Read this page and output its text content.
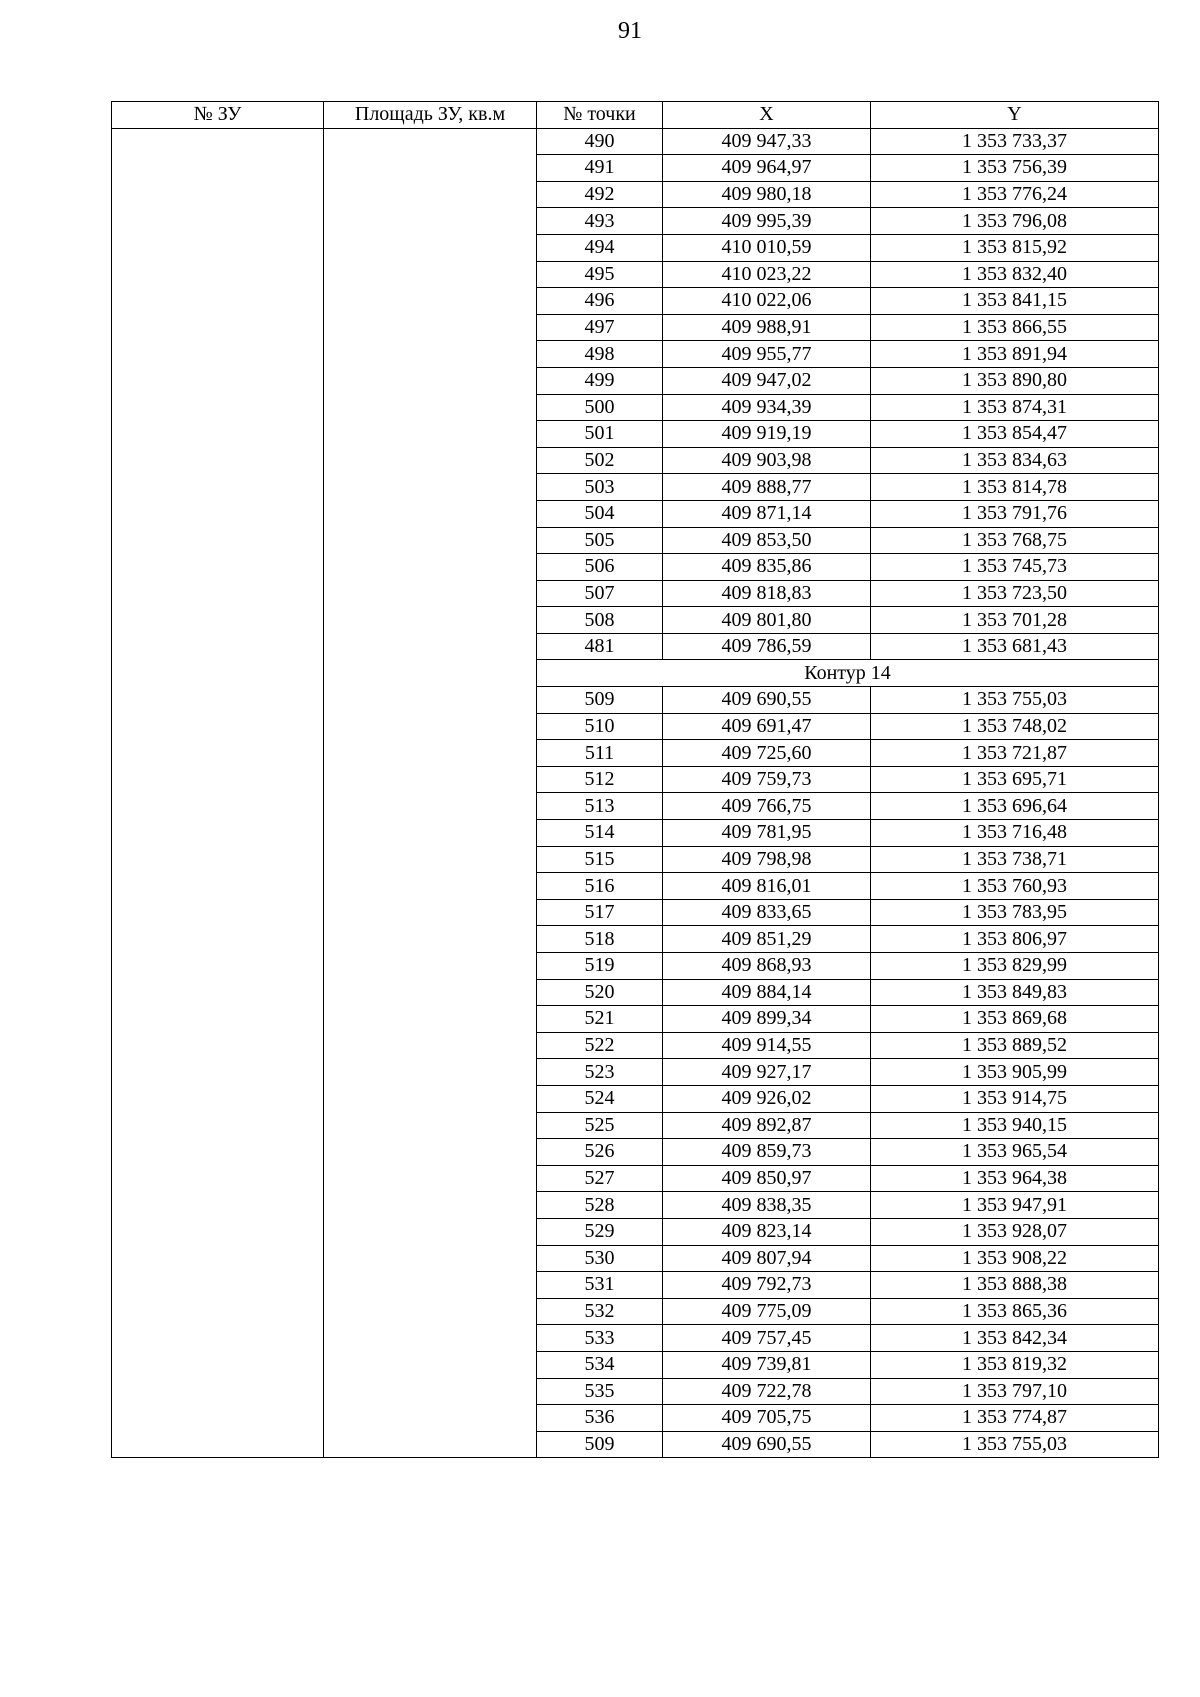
91
№ ЗУ	Площадь ЗУ, кв.м	№ точки	X	Y
		490	409 947,33	1 353 733,37
		491	409 964,97	1 353 756,39
		492	409 980,18	1 353 776,24
		493	409 995,39	1 353 796,08
		494	410 010,59	1 353 815,92
		495	410 023,22	1 353 832,40
		496	410 022,06	1 353 841,15
		497	409 988,91	1 353 866,55
		498	409 955,77	1 353 891,94
		499	409 947,02	1 353 890,80
		500	409 934,39	1 353 874,31
		501	409 919,19	1 353 854,47
		502	409 903,98	1 353 834,63
		503	409 888,77	1 353 814,78
		504	409 871,14	1 353 791,76
		505	409 853,50	1 353 768,75
		506	409 835,86	1 353 745,73
		507	409 818,83	1 353 723,50
		508	409 801,80	1 353 701,28
		481	409 786,59	1 353 681,43
		Контур 14		
		509	409 690,55	1 353 755,03
		510	409 691,47	1 353 748,02
		511	409 725,60	1 353 721,87
		512	409 759,73	1 353 695,71
		513	409 766,75	1 353 696,64
		514	409 781,95	1 353 716,48
		515	409 798,98	1 353 738,71
		516	409 816,01	1 353 760,93
		517	409 833,65	1 353 783,95
		518	409 851,29	1 353 806,97
		519	409 868,93	1 353 829,99
		520	409 884,14	1 353 849,83
		521	409 899,34	1 353 869,68
		522	409 914,55	1 353 889,52
		523	409 927,17	1 353 905,99
		524	409 926,02	1 353 914,75
		525	409 892,87	1 353 940,15
		526	409 859,73	1 353 965,54
		527	409 850,97	1 353 964,38
		528	409 838,35	1 353 947,91
		529	409 823,14	1 353 928,07
		530	409 807,94	1 353 908,22
		531	409 792,73	1 353 888,38
		532	409 775,09	1 353 865,36
		533	409 757,45	1 353 842,34
		534	409 739,81	1 353 819,32
		535	409 722,78	1 353 797,10
		536	409 705,75	1 353 774,87
		509	409 690,55	1 353 755,03
